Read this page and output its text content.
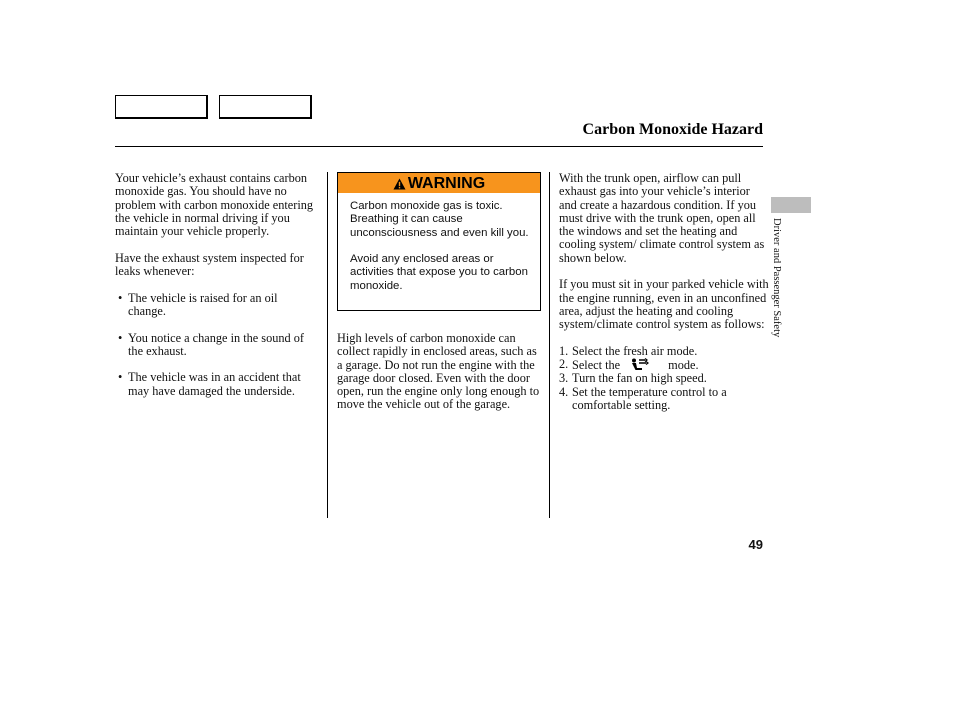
Carbon Monoxide Hazard

Your vehicle’s exhaust contains carbon monoxide gas. You should have no problem with carbon monoxide entering the vehicle in normal driving if you maintain your vehicle properly.

Have the exhaust system inspected for leaks whenever:

• The vehicle is raised for an oil change.
• You notice a change in the sound of the exhaust.
• The vehicle was in an accident that may have damaged the underside.
WARNING

Carbon monoxide gas is toxic. Breathing it can cause unconsciousness and even kill you.

Avoid any enclosed areas or activities that expose you to carbon monoxide.

High levels of carbon monoxide can collect rapidly in enclosed areas, such as a garage. Do not run the engine with the garage door closed. Even with the door open, run the engine only long enough to move the vehicle out of the garage.

With the trunk open, airflow can pull exhaust gas into your vehicle’s interior and create a hazardous condition. If you must drive with the trunk open, open all the windows and set the heating and cooling system/ climate control system as shown below.

If you must sit in your parked vehicle with the engine running, even in an unconfined area, adjust the heating and cooling system/climate control system as follows:

1. Select the fresh air mode.
2. Select the	mode.
3. Turn the fan on high speed.
4. Set the temperature control to a comfortable setting.
Driver and Passenger Safety
49
